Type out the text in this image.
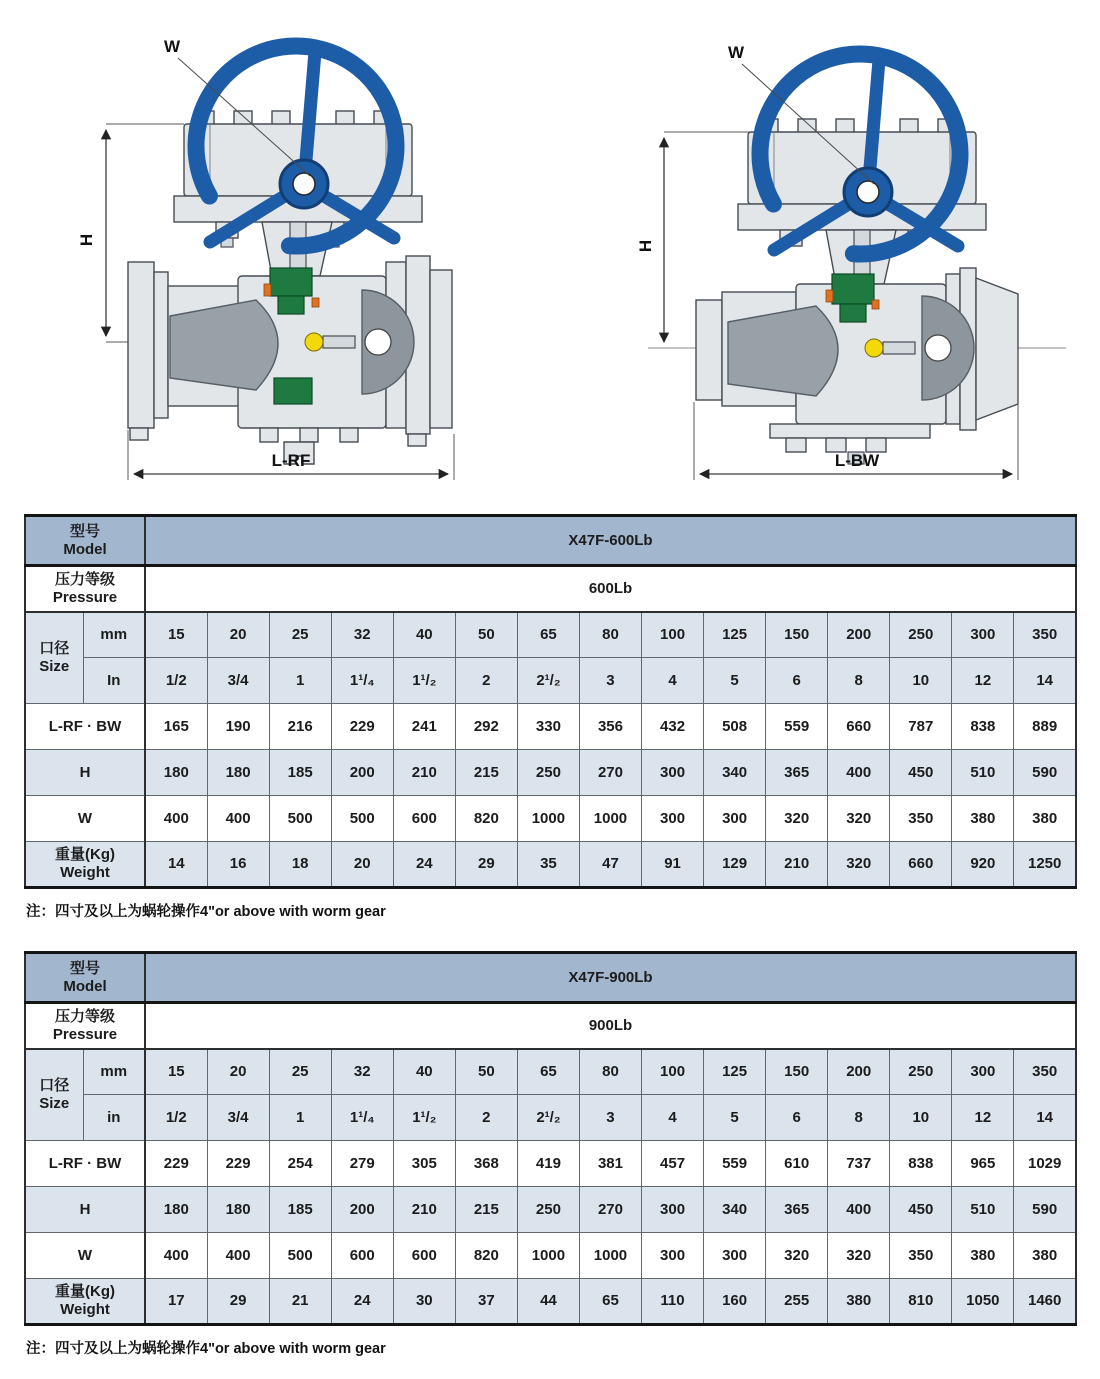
H
W
L-RF
H
W
L-BW
型号
Model		X47F-600Lb														

压力等级
Pressure		600Lb														

口径
Size	mm	15	20	25	32	40	50	65	80	100	125	150	200	250	300	350
	In	1/2	3/4	1	1¹/₄	1¹/₂	2	2¹/₂	3	4	5	6	8	10	12	14
L-RF · BW		165	190	216	229	241	292	330	356	432	508	559	660	787	838	889
H		180	180	185	200	210	215	250	270	300	340	365	400	450	510	590
W		400	400	500	500	600	820	1000	1000	300	300	320	320	350	380	380

重量(Kg)
Weight		14	16	18	20	24	29	35	47	91	129	210	320	660	920	1250

注：四寸及以上为蜗轮操作4"or above with worm gear

型号
Model		X47F-900Lb														

压力等级
Pressure		900Lb														

口径
Size	mm	15	20	25	32	40	50	65	80	100	125	150	200	250	300	350
	in	1/2	3/4	1	1¹/₄	1¹/₂	2	2¹/₂	3	4	5	6	8	10	12	14
L-RF · BW		229	229	254	279	305	368	419	381	457	559	610	737	838	965	1029
H		180	180	185	200	210	215	250	270	300	340	365	400	450	510	590
W		400	400	500	600	600	820	1000	1000	300	300	320	320	350	380	380

重量(Kg)
Weight		17	29	21	24	30	37	44	65	110	160	255	380	810	1050	1460

注：四寸及以上为蜗轮操作4"or above with worm gear
